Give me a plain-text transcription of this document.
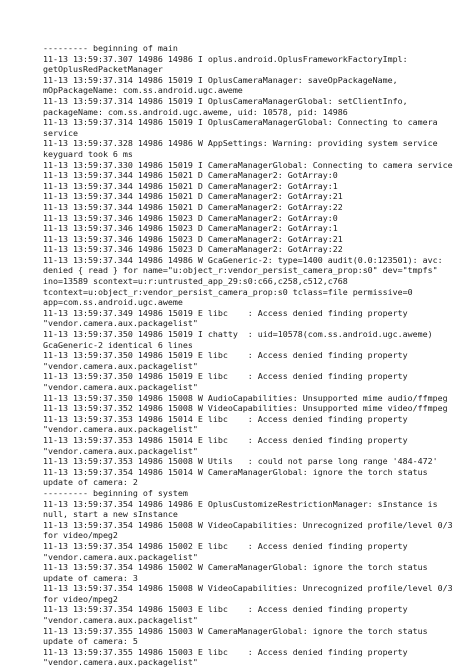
--------- beginning of main
11-13 13:59:37.307 14986 14986 I oplus.android.OplusFrameworkFactoryImpl:
getOplusRedPacketManager
11-13 13:59:37.314 14986 15019 I OplusCameraManager: saveOpPackageName,
mOpPackageName: com.ss.android.ugc.aweme
11-13 13:59:37.314 14986 15019 I OplusCameraManagerGlobal: setClientInfo,
packageName: com.ss.android.ugc.aweme, uid: 10578, pid: 14986
11-13 13:59:37.314 14986 15019 I OplusCameraManagerGlobal: Connecting to camera
service
11-13 13:59:37.328 14986 14986 W AppSettings: Warning: providing system service
keyguard took 6 ms
11-13 13:59:37.330 14986 15019 I CameraManagerGlobal: Connecting to camera service
11-13 13:59:37.344 14986 15021 D CameraManager2: GotArray:0
11-13 13:59:37.344 14986 15021 D CameraManager2: GotArray:1
11-13 13:59:37.344 14986 15021 D CameraManager2: GotArray:21
11-13 13:59:37.344 14986 15021 D CameraManager2: GotArray:22
11-13 13:59:37.346 14986 15023 D CameraManager2: GotArray:0
11-13 13:59:37.346 14986 15023 D CameraManager2: GotArray:1
11-13 13:59:37.346 14986 15023 D CameraManager2: GotArray:21
11-13 13:59:37.346 14986 15023 D CameraManager2: GotArray:22
11-13 13:59:37.344 14986 14986 W GcaGeneric-2: type=1400 audit(0.0:123501): avc:
denied { read } for name="u:object_r:vendor_persist_camera_prop:s0" dev="tmpfs"
ino=13589 scontext=u:r:untrusted_app_29:s0:c66,c258,c512,c768
tcontext=u:object_r:vendor_persist_camera_prop:s0 tclass=file permissive=0
app=com.ss.android.ugc.aweme
11-13 13:59:37.349 14986 15019 E libc    : Access denied finding property
"vendor.camera.aux.packagelist"
11-13 13:59:37.350 14986 15019 I chatty  : uid=10578(com.ss.android.ugc.aweme)
GcaGeneric-2 identical 6 lines
11-13 13:59:37.350 14986 15019 E libc    : Access denied finding property
"vendor.camera.aux.packagelist"
11-13 13:59:37.350 14986 15019 E libc    : Access denied finding property
"vendor.camera.aux.packagelist"
11-13 13:59:37.350 14986 15008 W AudioCapabilities: Unsupported mime audio/ffmpeg
11-13 13:59:37.352 14986 15008 W VideoCapabilities: Unsupported mime video/ffmpeg
11-13 13:59:37.353 14986 15014 E libc    : Access denied finding property
"vendor.camera.aux.packagelist"
11-13 13:59:37.353 14986 15014 E libc    : Access denied finding property
"vendor.camera.aux.packagelist"
11-13 13:59:37.353 14986 15008 W Utils   : could not parse long range '484-472'
11-13 13:59:37.354 14986 15014 W CameraManagerGlobal: ignore the torch status
update of camera: 2
--------- beginning of system
11-13 13:59:37.354 14986 14986 E OplusCustomizeRestrictionManager: sInstance is
null, start a new sInstance
11-13 13:59:37.354 14986 15008 W VideoCapabilities: Unrecognized profile/level 0/3
for video/mpeg2
11-13 13:59:37.354 14986 15002 E libc    : Access denied finding property
"vendor.camera.aux.packagelist"
11-13 13:59:37.354 14986 15002 W CameraManagerGlobal: ignore the torch status
update of camera: 3
11-13 13:59:37.354 14986 15008 W VideoCapabilities: Unrecognized profile/level 0/3
for video/mpeg2
11-13 13:59:37.354 14986 15003 E libc    : Access denied finding property
"vendor.camera.aux.packagelist"
11-13 13:59:37.355 14986 15003 W CameraManagerGlobal: ignore the torch status
update of camera: 5
11-13 13:59:37.355 14986 15003 E libc    : Access denied finding property
"vendor.camera.aux.packagelist"
